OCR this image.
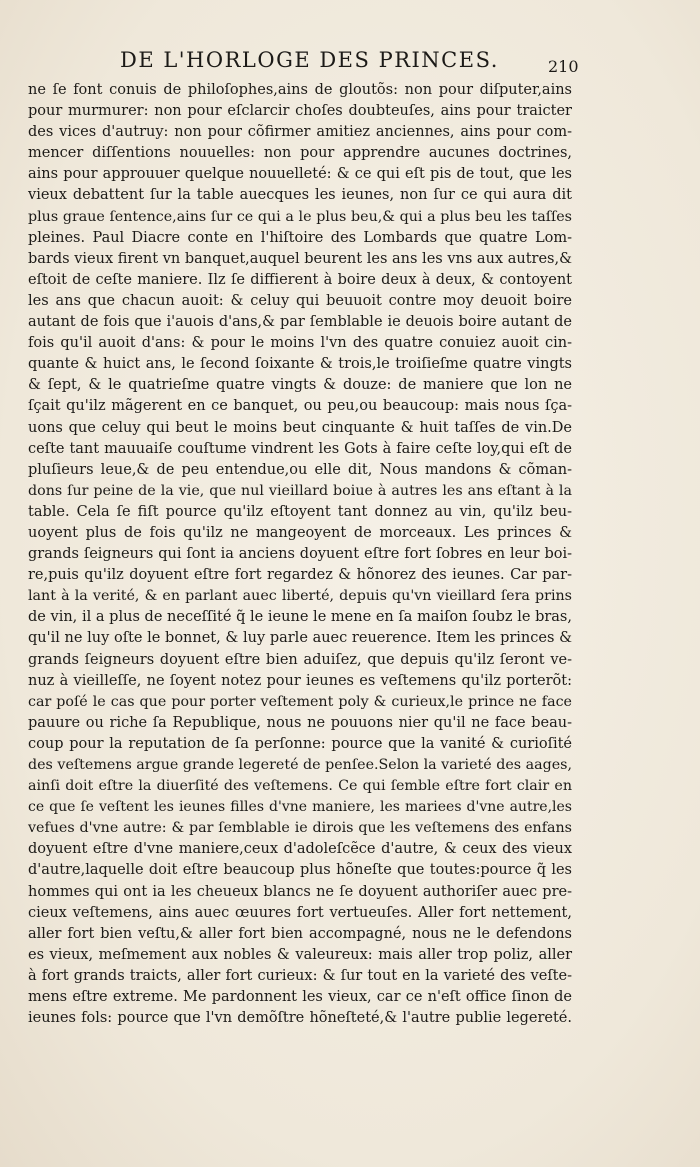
DE L'HORLOGE DES PRINCES.	210
ne ſe font conuis de philoſophes,ains de gloutõs: non pour diſputer,ains
pour murmurer: non pour eſclarcir choſes doubteuſes, ains pour traicter
des vices d'autruy: non pour cõfirmer amitiez anciennes, ains pour com-
mencer diſſentions nouuelles: non pour apprendre aucunes doctrines,
ains pour approuuer quelque nouuelleté: & ce qui eſt pis de tout, que les
vieux debattent ſur la table auecques les ieunes, non ſur ce qui aura dit
plus graue ſentence,ains ſur ce qui a le plus beu,& qui a plus beu les taſſes
pleines. Paul Diacre conte en l'hiſtoire des Lombards que quatre Lom-
bards vieux firent vn banquet,auquel beurent les ans les vns aux autres,&
eſtoit de ceſte maniere. Ilz ſe diffierent à boire deux à deux, & contoyent
les ans que chacun auoit: & celuy qui beuuoit contre moy deuoit boire
autant de fois que i'auois d'ans,& par ſemblable ie deuois boire autant de
fois qu'il auoit d'ans: & pour le moins l'vn des quatre conuiez auoit cin-
quante & huict ans, le ſecond ſoixante & trois,le troiſieſme quatre vingts
& ſept, & le quatrieſme quatre vingts & douze: de maniere que lon ne
ſçait qu'ilz mãgerent en ce banquet, ou peu,ou beaucoup: mais nous ſça-
uons que celuy qui beut le moins beut cinquante & huit taſſes de vin.De
ceſte tant mauuaiſe couſtume vindrent les Gots à faire ceſte loy,qui eſt de
pluſieurs leue,& de peu entendue,ou elle dit, Nous mandons & cõman-
dons ſur peine de la vie, que nul vieillard boiue à autres les ans eſtant à la
table. Cela ſe fiſt pource qu'ilz eſtoyent tant donnez au vin, qu'ilz beu-
uoyent plus de fois qu'ilz ne mangeoyent de morceaux. Les princes &
grands ſeigneurs qui ſont ia anciens doyuent eſtre fort ſobres en leur boi-
re,puis qu'ilz doyuent eſtre fort regardez & hõnorez des ieunes. Car par-
lant à la verité, & en parlant auec liberté, depuis qu'vn vieillard ſera prins
de vin, il a plus de neceſſité q̃ le ieune le mene en ſa maiſon ſoubz le bras,
qu'il ne luy oſte le bonnet, & luy parle auec reuerence. Item les princes &
grands ſeigneurs doyuent eſtre bien aduiſez, que depuis qu'ilz ſeront ve-
nuz à vieilleſſe, ne ſoyent notez pour ieunes es veſtemens qu'ilz porterõt:
car poſé le cas que pour porter veſtement poly & curieux,le prince ne face
pauure ou riche ſa Republique, nous ne pouuons nier qu'il ne face beau-
coup pour la reputation de ſa perſonne: pource que la vanité & curioſité
des veſtemens argue grande legereté de penſee.Selon la varieté des aages,
ainſi doit eſtre la diuerſité des veſtemens. Ce qui ſemble eſtre fort clair en
ce que ſe veſtent les ieunes filles d'vne maniere, les mariees d'vne autre,les
vefues d'vne autre: & par ſemblable ie dirois que les veſtemens des enfans
doyuent eſtre d'vne maniere,ceux d'adoleſcẽce d'autre, & ceux des vieux
d'autre,laquelle doit eſtre beaucoup plus hõneſte que toutes:pource q̃ les
hommes qui ont ia les cheueux blancs ne ſe doyuent authoriſer auec pre-
cieux veſtemens, ains auec œuures fort vertueuſes. Aller fort nettement,
aller fort bien veſtu,& aller fort bien accompagné, nous ne le defendons
es vieux, meſmement aux nobles & valeureux: mais aller trop poliz, aller
à fort grands traicts, aller fort curieux: & ſur tout en la varieté des veſte-
mens eſtre extreme. Me pardonnent les vieux, car ce n'eſt office ſinon de
ieunes fols: pource que l'vn demõſtre hõneſteté,& l'autre publie legereté.
